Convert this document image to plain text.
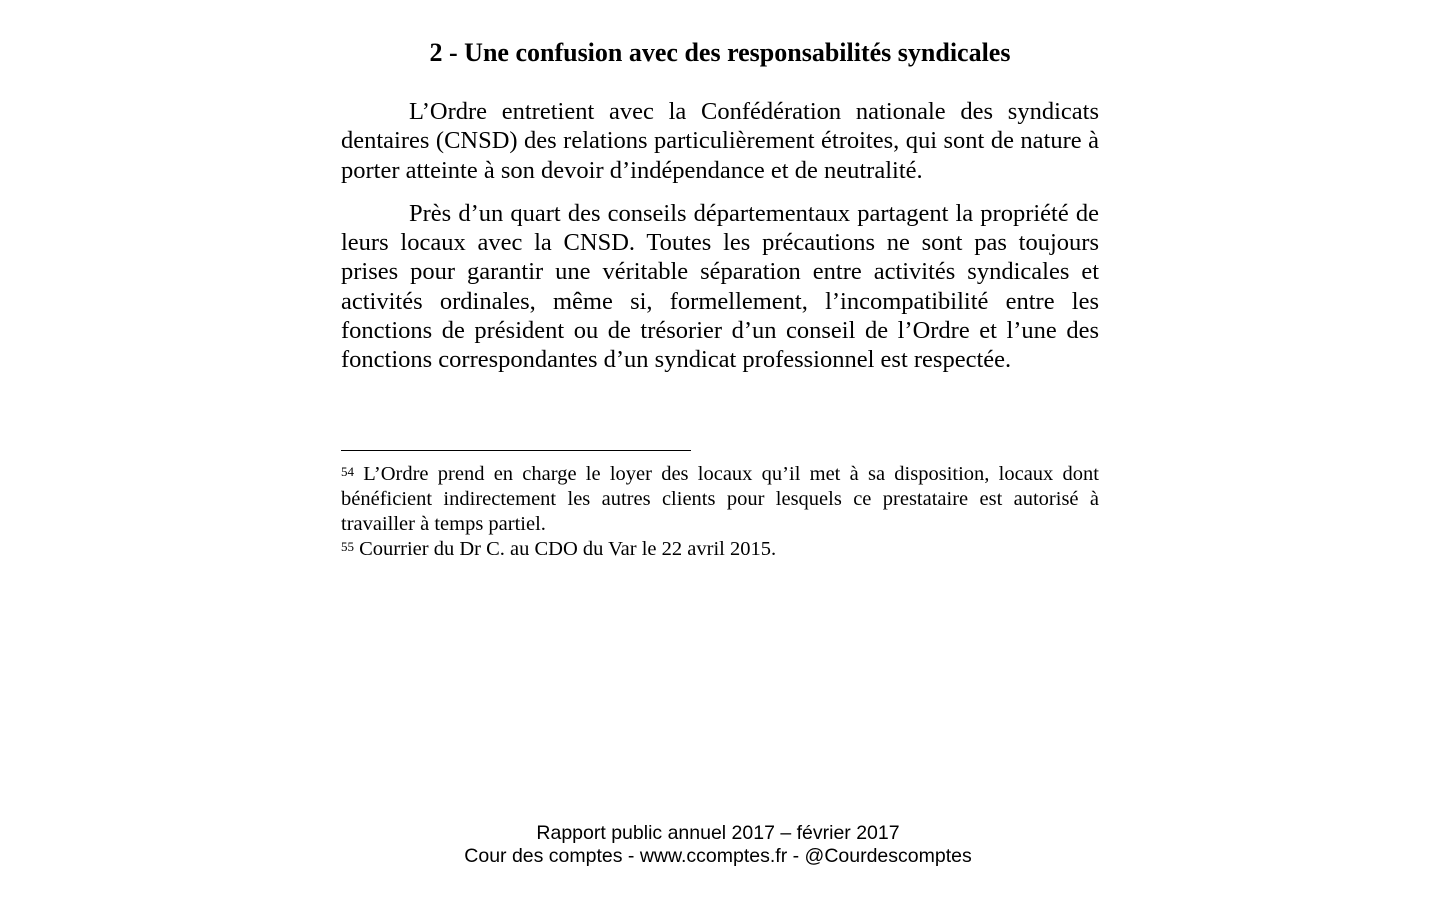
2 - Une confusion avec des responsabilités syndicales

L’Ordre entretient avec la Confédération nationale des syndicats dentaires (CNSD) des relations particulièrement étroites, qui sont de nature à porter atteinte à son devoir d’indépendance et de neutralité.

Près d’un quart des conseils départementaux partagent la propriété de leurs locaux avec la CNSD. Toutes les précautions ne sont pas toujours prises pour garantir une véritable séparation entre activités syndicales et activités ordinales, même si, formellement, l’incompatibilité entre les fonctions de président ou de trésorier d’un conseil de l’Ordre et l’une des fonctions correspondantes d’un syndicat professionnel est respectée.

$^{54}$ L’Ordre prend en charge le loyer des locaux qu’il met à sa disposition, locaux dont bénéficient indirectement les autres clients pour lesquels ce prestataire est autorisé à travailler à temps partiel.

$^{55}$ Courrier du Dr C. au CDO du Var le 22 avril 2015.

Rapport public annuel 2017 – février 2017
Cour des comptes - www.ccomptes.fr - @Courdescomptes
